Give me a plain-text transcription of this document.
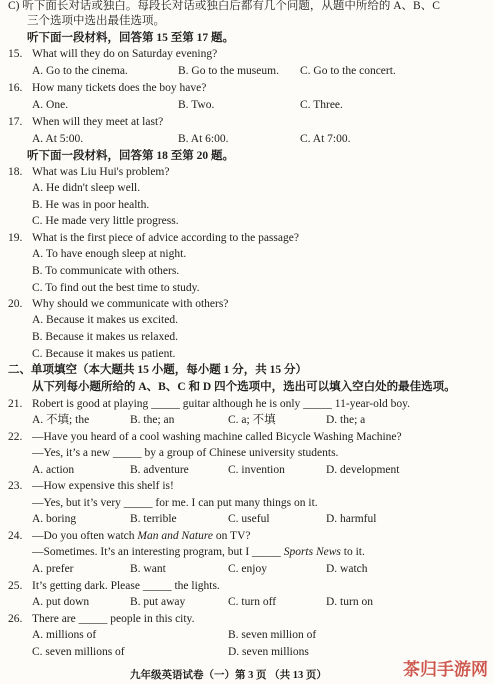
C) 听下面长对话或独白。每段长对话或独白后都有几个问题，从题中所给的 A、B、C
三个选项中选出最佳选项。
听下面一段材料，回答第 15 至第 17 题。
15. What will they do on Saturday evening?
A. Go to the cinema.	B. Go to the museum. C. Go to the concert.
16. How many tickets does the boy have?
A. One.	B. Two.	C. Three.
17. When will they meet at last?
A. At 5:00.	B. At 6:00.	C. At 7:00.
听下面一段材料，回答第 18 至第 20 题。
18. What was Liu Hui's problem?
A. He didn't sleep well.
B. He was in poor health.
C. He made very little progress.
19. What is the first piece of advice according to the passage?
A. To have enough sleep at night.
B. To communicate with others.
C. To find out the best time to study.
20. Why should we communicate with others?
A. Because it makes us excited.
B. Because it makes us relaxed.
C. Because it makes us patient.
二、单项填空（本大题共 15 小题，每小题 1 分，共 15 分）
从下列每小题所给的 A、B、C 和 D 四个选项中，选出可以填入空白处的最佳选项。
21. Robert is good at playing _____ guitar although he is only _____ 11-year-old boy.
A. 不填; the	B. the; an	C. a; 不填	D. the; a
22. —Have you heard of a cool washing machine called Bicycle Washing Machine?
—Yes, it’s a new _____ by a group of Chinese university students.
A. action	B. adventure	C. invention	D. development
23. —How expensive this shelf is!
—Yes, but it’s very _____ for me. I can put many things on it.
A. boring	B. terrible	C. useful	D. harmful
24. —Do you often watch Man and Nature on TV?
—Sometimes. It’s an interesting program, but I _____ Sports News to it.
A. prefer	B. want	C. enjoy	D. watch
25. It’s getting dark. Please _____ the lights.
A. put down	B. put away	C. turn off	D. turn on
26. There are _____ people in this city.
A. millions of	B. seven million of
C. seven millions of	D. seven millions
九年级英语试卷（一）第 3 页 （共 13 页）	茶归手游网
